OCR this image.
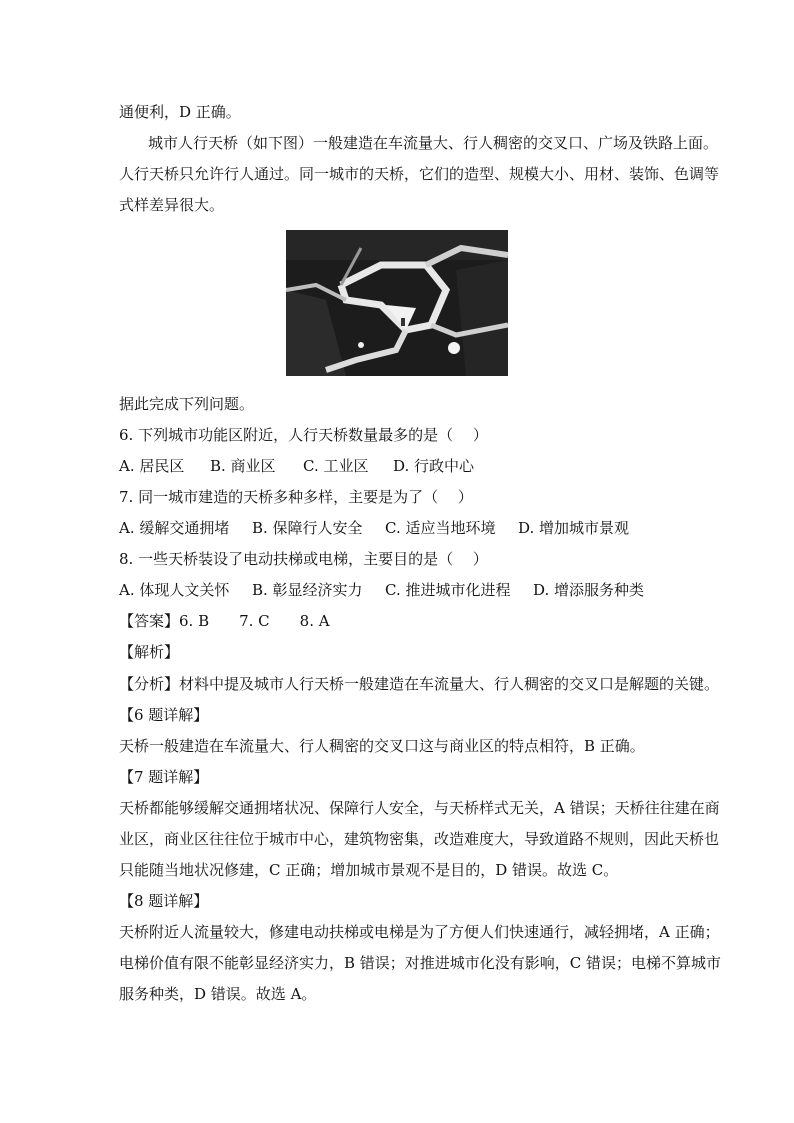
通便利，D 正确。
城市人行天桥（如下图）一般建造在车流量大、行人稠密的交叉口、广场及铁路上面。
人行天桥只允许行人通过。同一城市的天桥，它们的造型、规模大小、用材、装饰、色调等
式样差异很大。
据此完成下列问题。
6. 下列城市功能区附近，人行天桥数量最多的是（　 ）
A. 居民区 B. 商业区 C. 工业区 D. 行政中心
7. 同一城市建造的天桥多种多样，主要是为了（　 ）
A. 缓解交通拥堵 B. 保障行人安全 C. 适应当地环境 D. 增加城市景观
8. 一些天桥装设了电动扶梯或电梯，主要目的是（　 ）
A. 体现人文关怀 B. 彰显经济实力 C. 推进城市化进程 D. 增添服务种类
【答案】6. B　　7. C　　8. A
【解析】
【分析】材料中提及城市人行天桥一般建造在车流量大、行人稠密的交叉口是解题的关键。
【6 题详解】
天桥一般建造在车流量大、行人稠密的交叉口这与商业区的特点相符，B 正确。
【7 题详解】
天桥都能够缓解交通拥堵状况、保障行人安全，与天桥样式无关，A 错误；天桥往往建在商
业区，商业区往往位于城市中心，建筑物密集，改造难度大，导致道路不规则，因此天桥也
只能随当地状况修建，C 正确；增加城市景观不是目的，D 错误。故选 C。
【8 题详解】
天桥附近人流量较大，修建电动扶梯或电梯是为了方便人们快速通行，减轻拥堵，A 正确；
电梯价值有限不能彰显经济实力，B 错误；对推进城市化没有影响，C 错误；电梯不算城市
服务种类，D 错误。故选 A。
